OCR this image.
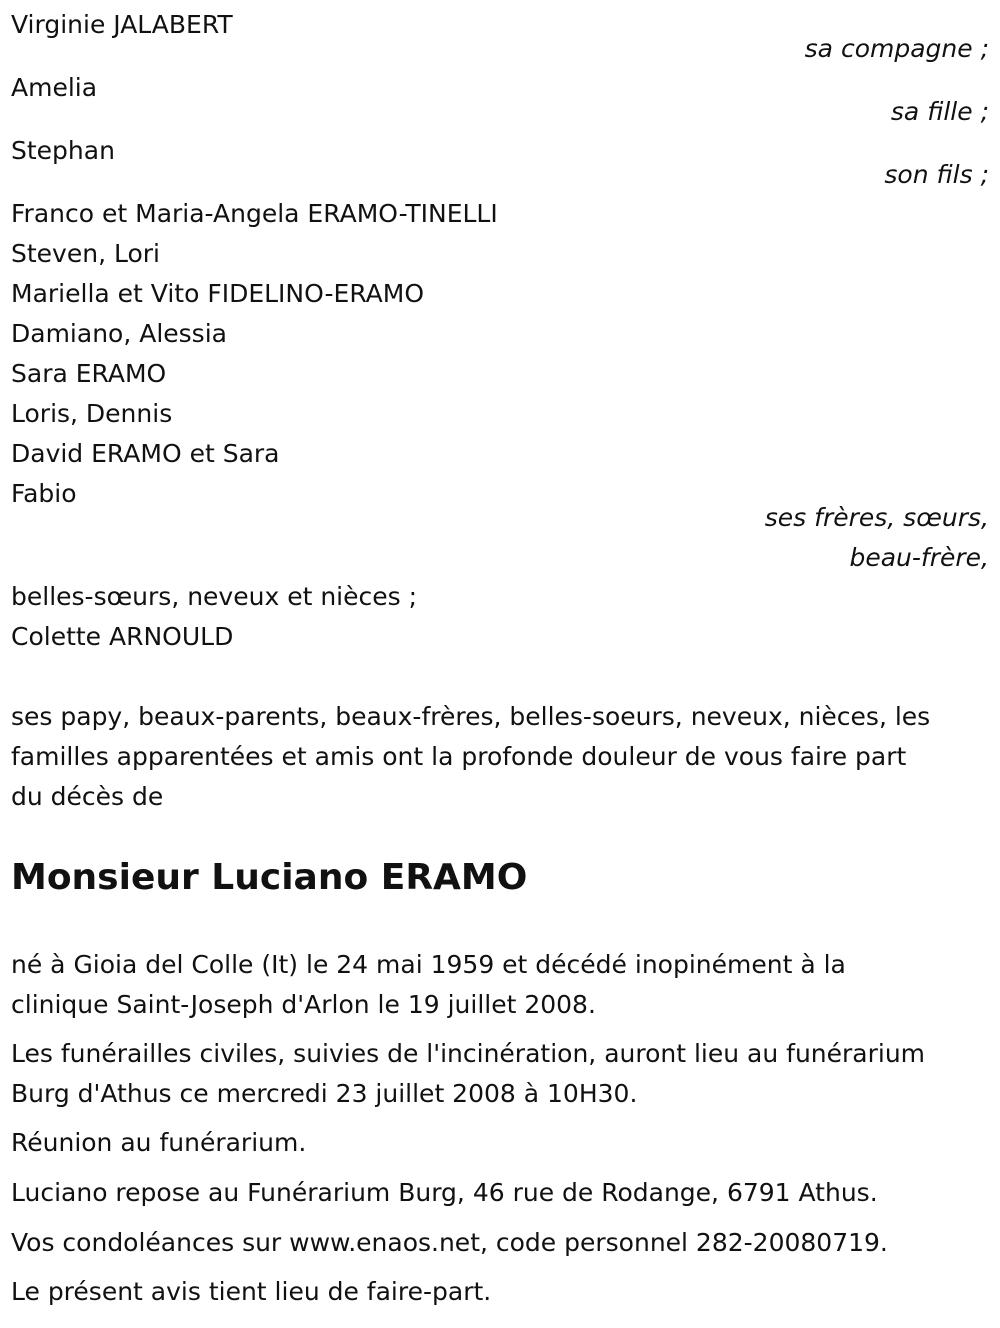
Virginie JALABERT
sa compagne ;
Amelia
sa fille ;
Stephan
son fils ;
Franco et Maria-Angela ERAMO-TINELLI
Steven, Lori
Mariella et Vito FIDELINO-ERAMO
Damiano, Alessia
Sara ERAMO
Loris, Dennis
David ERAMO et Sara
Fabio
ses frères, sœurs,
beau-frère,
belles-sœurs, neveux et nièces ;
Colette ARNOULD
ses papy, beaux-parents, beaux-frères, belles-soeurs, neveux, nièces, les
familles apparentées et amis ont la profonde douleur de vous faire part
du décès de
Monsieur Luciano ERAMO
né à Gioia del Colle (It) le 24 mai 1959 et décédé inopinément à la
clinique Saint-Joseph d'Arlon le 19 juillet 2008.
Les funérailles civiles, suivies de l'incinération, auront lieu au funérarium
Burg d'Athus ce mercredi 23 juillet 2008 à 10H30.
Réunion au funérarium.
Luciano repose au Funérarium Burg, 46 rue de Rodange, 6791 Athus.
Vos condoléances sur www.enaos.net, code personnel 282-20080719.
Le présent avis tient lieu de faire-part.
